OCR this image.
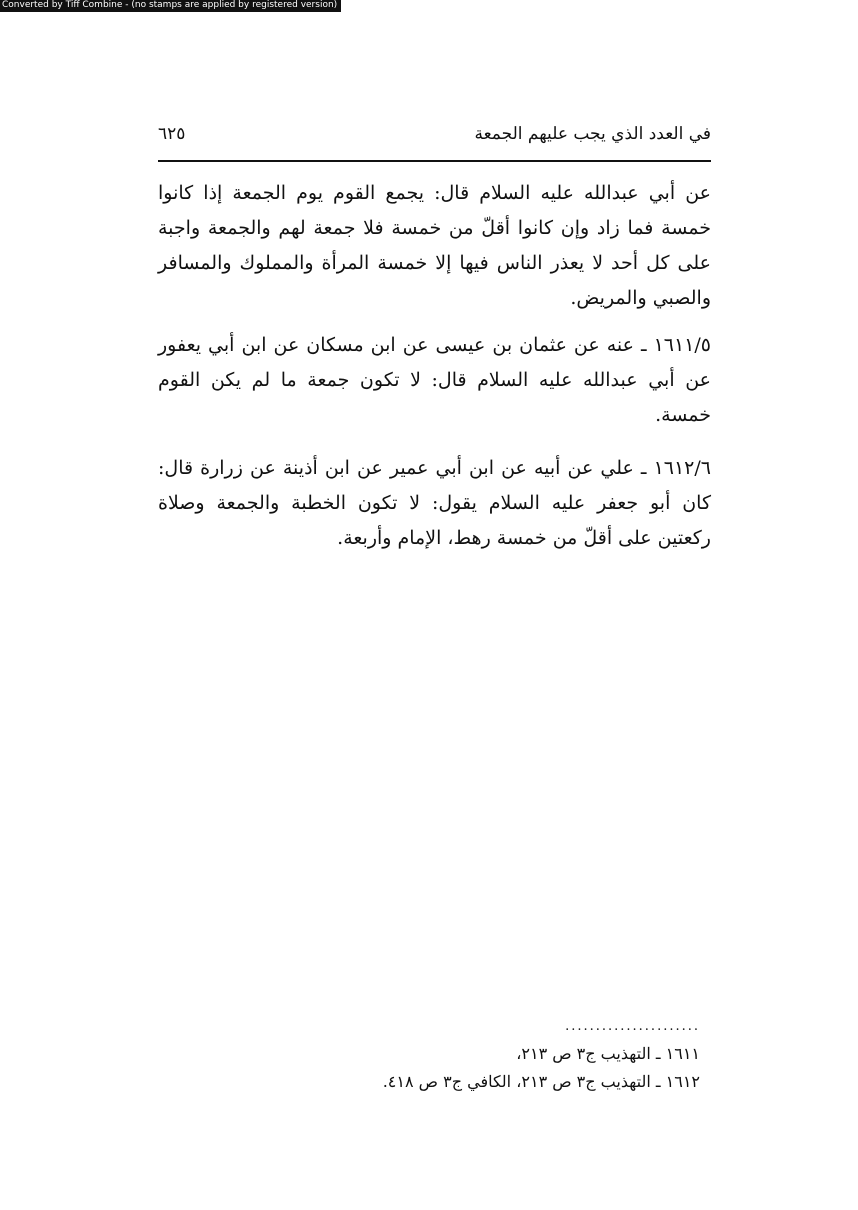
Converted by Tiff Combine - (no stamps are applied by registered version)
في العدد الذي يجب عليهم الجمعة
٦٢٥

عن أبي عبدالله عليه السلام قال: يجمع القوم يوم الجمعة إذا كانوا خمسة فما زاد وإن كانوا أقلّ من خمسة فلا جمعة لهم والجمعة واجبة على كل أحد لا يعذر الناس فيها إلا خمسة المرأة والمملوك والمسافر والصبي والمريض.

١٦١١/٥ ـ عنه عن عثمان بن عيسى عن ابن مسكان عن ابن أبي يعفور عن أبي عبدالله عليه السلام قال: لا تكون جمعة ما لم يكن القوم خمسة.

١٦١٢/٦ ـ علي عن أبيه عن ابن أبي عمير عن ابن أذينة عن زرارة قال: كان أبو جعفر عليه السلام يقول: لا تكون الخطبة والجمعة وصلاة ركعتين على أقلّ من خمسة رهط، الإمام وأربعة.

......................
١٦١١ ـ التهذيب ج٣ ص ٢١٣،
١٦١٢ ـ التهذيب ج٣ ص ٢١٣، الكافي ج٣ ص ٤١٨.
